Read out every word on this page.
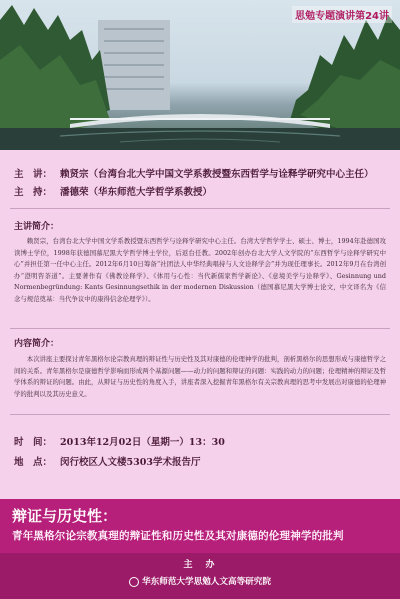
思勉专题演讲第24讲
主　讲： 赖贤宗（台湾台北大学中国文学系教授暨东西哲学与诠释学研究中心主任）
主　持： 潘德荣（华东师范大学哲学系教授）
主讲简介：
赖贤宗，台湾台北大学中国文学系教授暨东西哲学与诠释学研究中心主任。台湾大学哲学学士、硕士、博士，1994年赴德国攻读博士学位，1998年获德国慕尼黑大学哲学博士学位，后返台任教。2002年创办台北大学人文学院的“东西哲学与诠释学研究中心”并担任第一任中心主任。2012年6月10日筹备“社团法人中华经典唱持与人文诠释学会”并为现任理事长。2012年9月在台湾创办“澄明咨茶道”。主要著作有《佛教诠释学》、《体用与心性：当代新儒家哲学新论》、《意境美学与诠释学》、Gesinnung und Normenbegründung: Kants Gesinnungsethik in der modernen Diskussion（德国慕尼黑大学博士论文，中文译名为《信念与规范奠基：当代争议中的康得信念伦理学》）。
内容简介：
本次讲座主要探讨青年黑格尔论宗教真理的辩证性与历史性及其对康德的伦理神学的批判，剖析黑格尔的思想形成与康德哲学之间的关系。青年黑格尔是康德哲学影响而形成两个基源问题——动力的问题和辩证的问题：实践的动力的问题；伦理精神的辩证及哲学体系的辩证的问题。由此，从辩证与历史性的角度入手，讲座者深入挖掘青年黑格尔有关宗教真理的思考中发展出对康德的伦理神学的批判以及其历史意义。
时　间： 2013年12月02日（星期一）13：30
地　点： 闵行校区人文楼5303学术报告厅
辩证与历史性：
青年黑格尔论宗教真理的辩证性和历史性及其对康德的伦理神学的批判
主　办
华东师范大学思勉人文高等研究院
